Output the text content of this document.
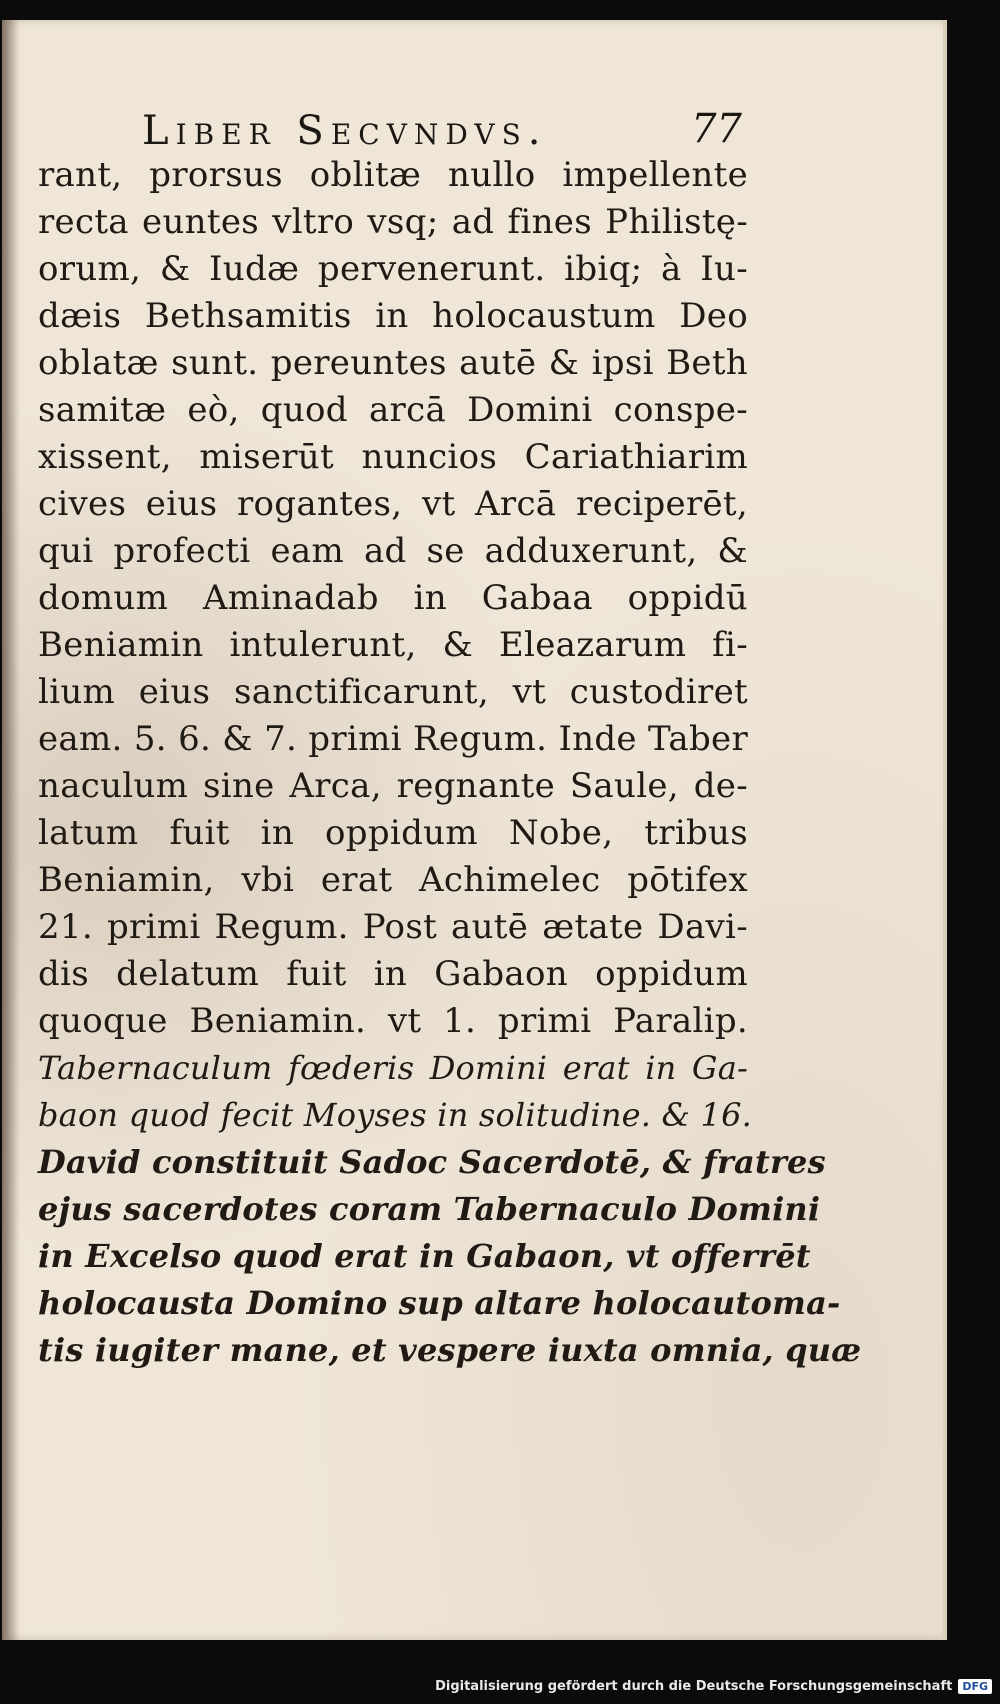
Liber Secvndvs.	77
rant, prorsus oblitæ nullo impellente
recta euntes vltro vsq; ad fines Philistę-
orum, & Iudæ pervenerunt. ibiq; à Iu-
dæis Bethsamitis in holocaustum Deo
oblatæ sunt. pereuntes autē & ipsi Beth
samitæ eò, quod arcā Domini conspe-
xissent, miserūt nuncios Cariathiarim
cives eius rogantes, vt Arcā reciperēt,
qui profecti eam ad se adduxerunt, &
domum Aminadab in Gabaa oppidū
Beniamin intulerunt, & Eleazarum fi-
lium eius sanctificarunt, vt custodiret
eam. 5. 6. & 7. primi Regum. Inde Taber
naculum sine Arca, regnante Saule, de-
latum fuit in oppidum Nobe, tribus
Beniamin, vbi erat Achimelec pōtifex
21. primi Regum. Post autē ætate Davi-
dis delatum fuit in Gabaon oppidum
quoque Beniamin. vt 1. primi Paralip.
Tabernaculum fœderis Domini erat in Ga-
baon quod fecit Moyses in solitudine. & 16.
David constituit Sadoc Sacerdotē, & fratres
ejus sacerdotes coram Tabernaculo Domini
in Excelso quod erat in Gabaon, vt offerrēt
holocausta Domino sup altare holocautoma-
tis iugiter mane, et vespere iuxta omnia, quæ
Digitalisierung gefördert durch die Deutsche Forschungsgemeinschaft DFG
